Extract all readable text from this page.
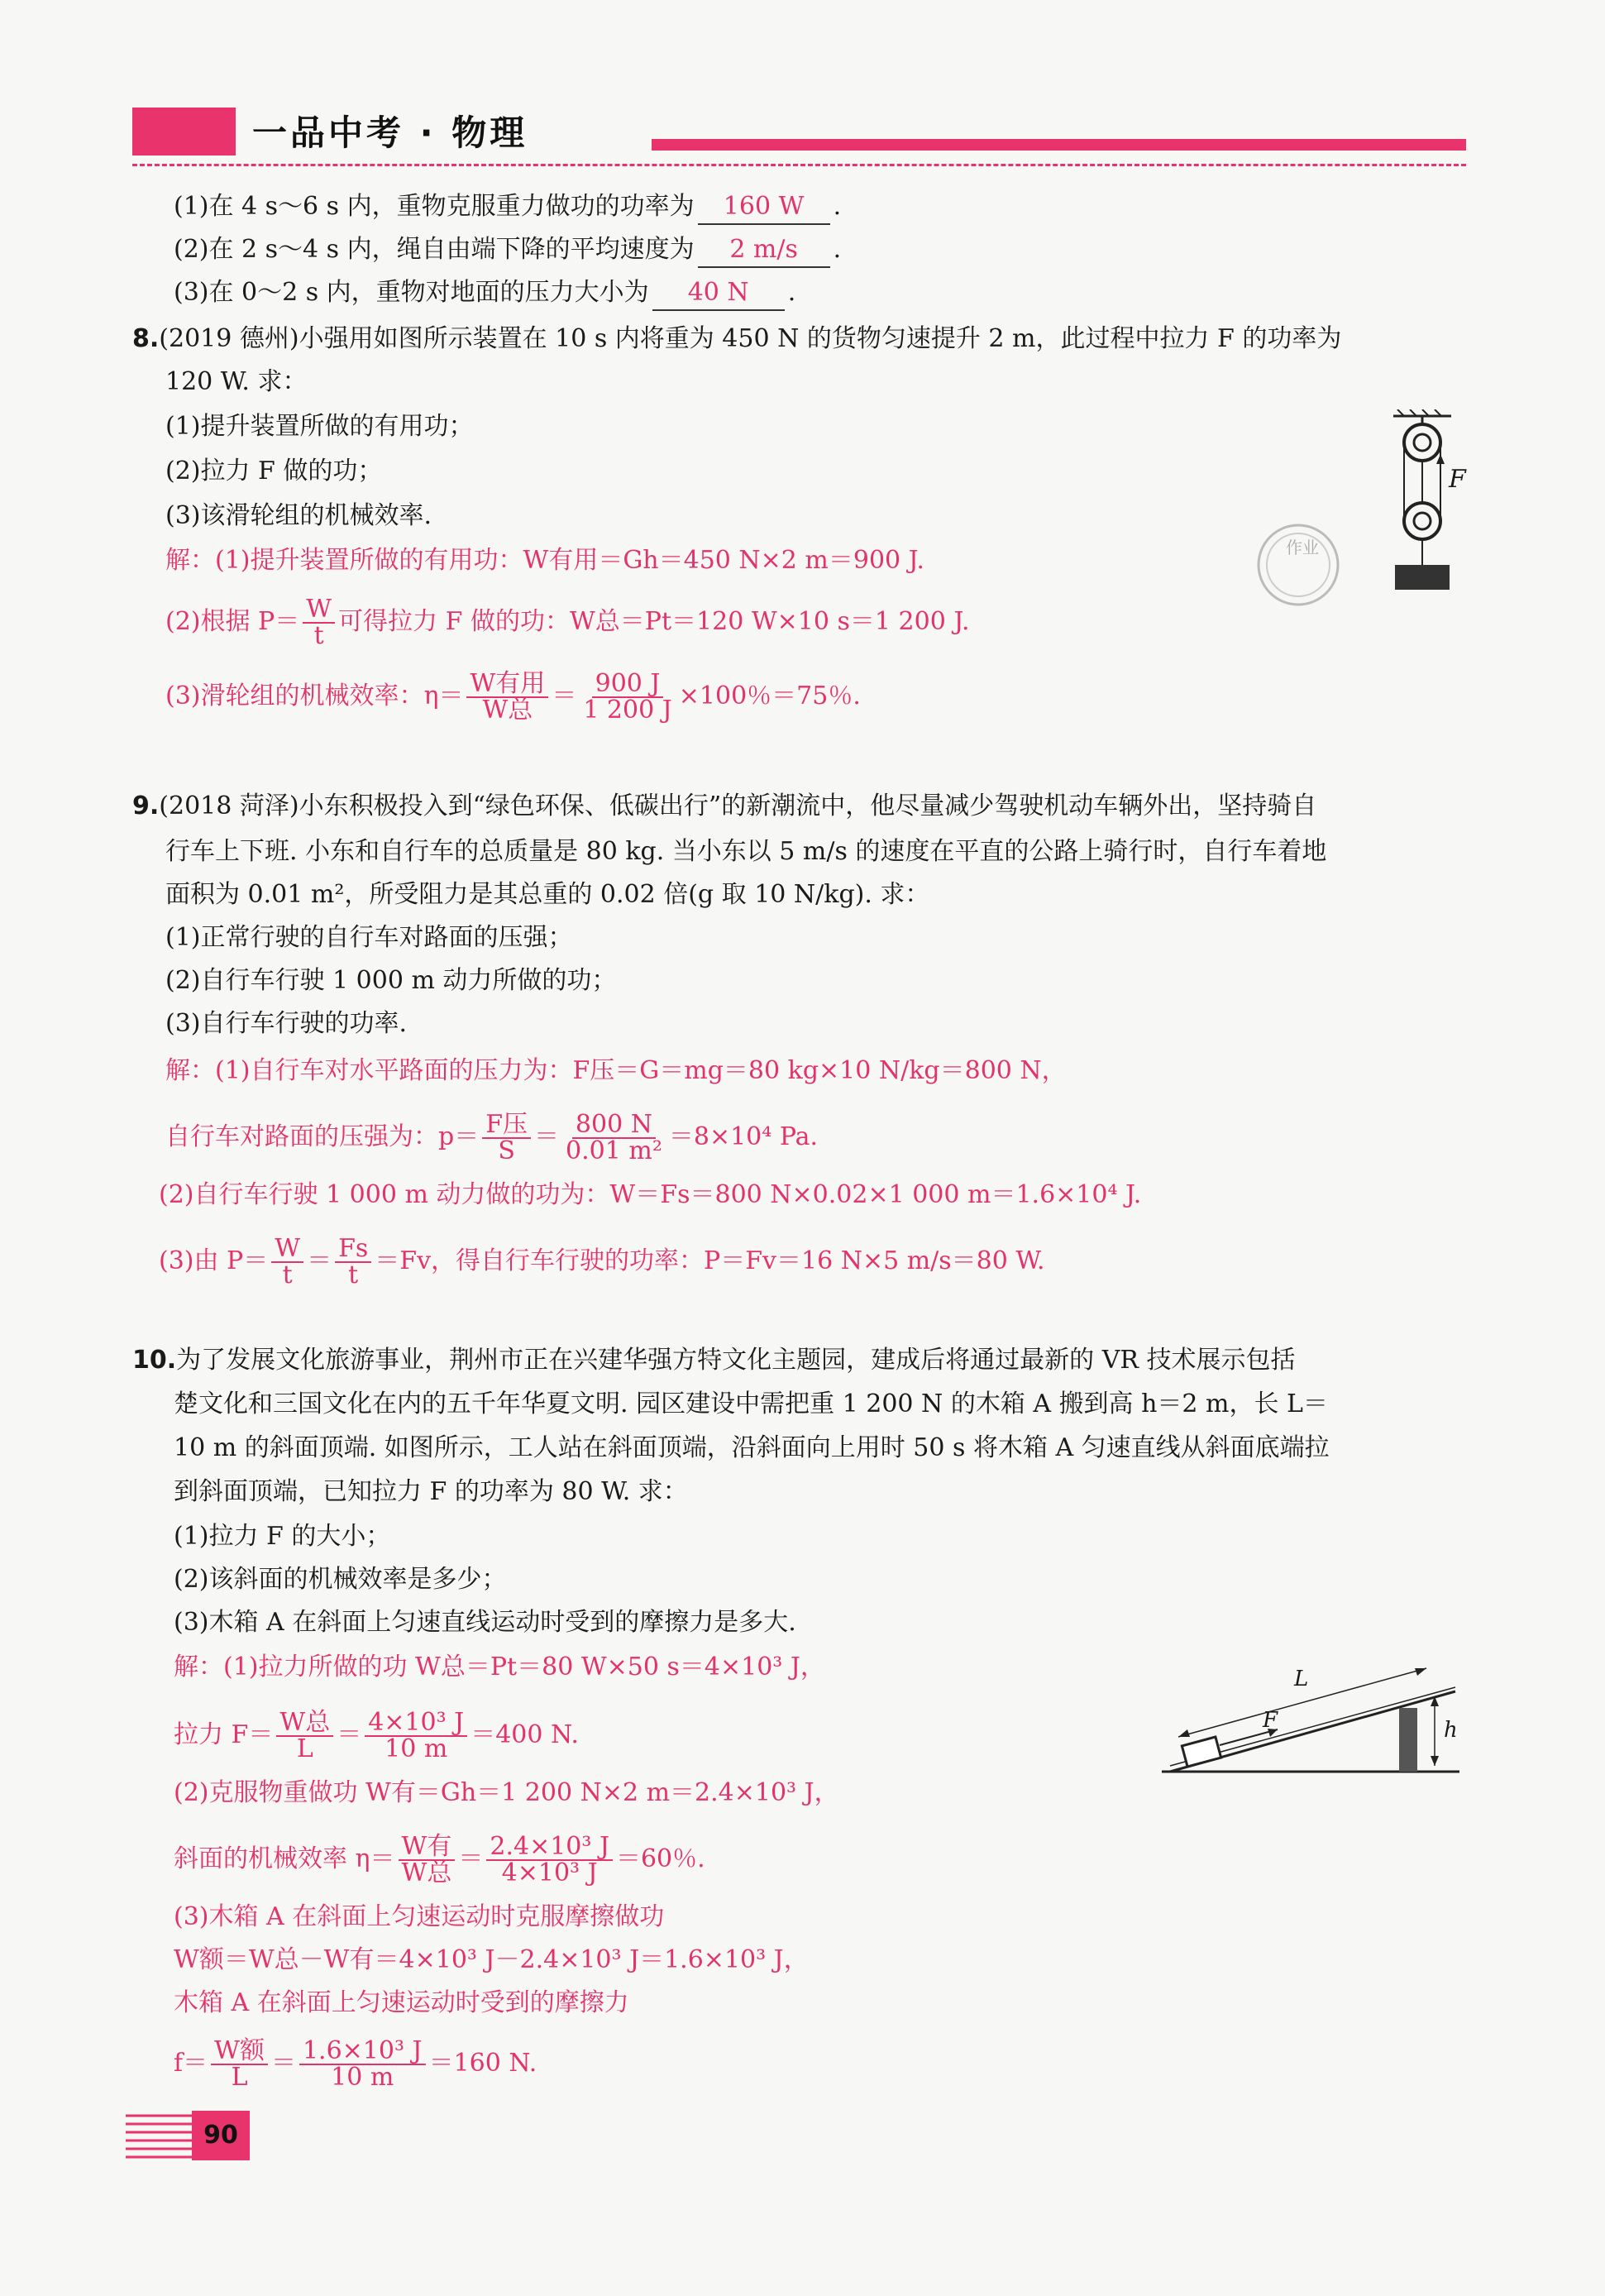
一品中考 · 物理
(1)在 4 s～6 s 内，重物克服重力做功的功率为 160 W .
(2)在 2 s～4 s 内，绳自由端下降的平均速度为 2 m/s .
(3)在 0～2 s 内，重物对地面的压力大小为 40 N .
8.(2019 德州)小强用如图所示装置在 10 s 内将重为 450 N 的货物匀速提升 2 m，此过程中拉力 F 的功率为
120 W. 求：
(1)提升装置所做的有用功；
(2)拉力 F 做的功；
(3)该滑轮组的机械效率.
解：(1)提升装置所做的有用功：W有用＝Gh＝450 N×2 m＝900 J.
(2)根据 $P= \frac{W}{t}$ 可得拉力 F 做的功：W总＝Pt＝120 W×10 s＝1 200 J.
(3)滑轮组的机械效率：$\eta= \frac{\text{W有用}}{\text{W总}} = \frac{900 J}{1 200 J} \times 100$％＝75％.
F
作业
9.(2018 菏泽)小东积极投入到“绿色环保、低碳出行”的新潮流中，他尽量减少驾驶机动车辆外出，坚持骑自
行车上下班. 小东和自行车的总质量是 80 kg. 当小东以 5 m/s 的速度在平直的公路上骑行时，自行车着地
面积为 0.01 m²，所受阻力是其总重的 0.02 倍(g 取 10 N/kg). 求：
(1)正常行驶的自行车对路面的压强；
(2)自行车行驶 1 000 m 动力所做的功；
(3)自行车行驶的功率.
解：(1)自行车对水平路面的压力为：F压＝G＝mg＝80 kg×10 N/kg＝800 N，
自行车对路面的压强为：$p= \frac{\text{F压}}{S} = \frac{800 N}{\text{0.01 m²}} =8\times 10^4$ Pa.
(2)自行车行驶 1 000 m 动力做的功为：W＝Fs＝800 N×0.02×1 000 m＝1.6×10⁴ J.
(3)由 $P= \frac{W}{t} = \frac{Fs}{t} =Fv$，得自行车行驶的功率：P＝Fv＝16 N×5 m/s＝80 W.
10.为了发展文化旅游事业，荆州市正在兴建华强方特文化主题园，建成后将通过最新的 VR 技术展示包括
楚文化和三国文化在内的五千年华夏文明. 园区建设中需把重 1 200 N 的木箱 A 搬到高 h＝2 m，长 L＝
10 m 的斜面顶端. 如图所示，工人站在斜面顶端，沿斜面向上用时 50 s 将木箱 A 匀速直线从斜面底端拉
到斜面顶端，已知拉力 F 的功率为 80 W. 求：
(1)拉力 F 的大小；
(2)该斜面的机械效率是多少；
(3)木箱 A 在斜面上匀速直线运动时受到的摩擦力是多大.
解：(1)拉力所做的功 W总＝Pt＝80 W×50 s＝4×10³ J，
拉力 $F= \frac{\text{W总}}{L} = \frac{\text{4×10³ J}}{10 m} =400$ N.
(2)克服物重做功 W有＝Gh＝1 200 N×2 m＝2.4×10³ J，
斜面的机械效率 $\eta= \frac{\text{W有}}{\text{W总}} = \frac{\text{2.4×10³ J}}{\text{4×10³ J}} =60$％.
(3)木箱 A 在斜面上匀速运动时克服摩擦做功
W额＝W总－W有＝4×10³ J－2.4×10³ J＝1.6×10³ J，
木箱 A 在斜面上匀速运动时受到的摩擦力
$f= \frac{\text{W额}}{L} = \frac{\text{1.6×10³ J}}{10 m} =160$ N.
L
F	h
90
